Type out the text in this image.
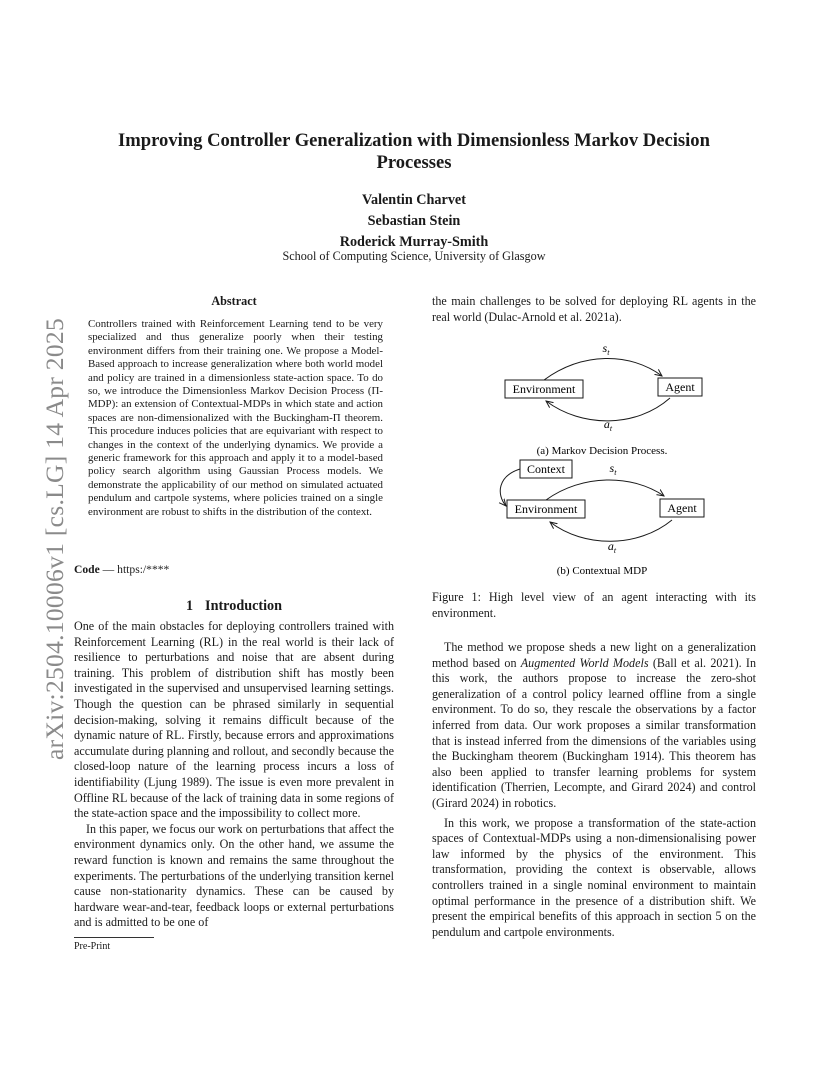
arXiv:2504.10006v1 [cs.LG] 14 Apr 2025
Improving Controller Generalization with Dimensionless Markov Decision Processes
Valentin Charvet
Sebastian Stein
Roderick Murray-Smith
School of Computing Science, University of Glasgow
Abstract
Controllers trained with Reinforcement Learning tend to be very specialized and thus generalize poorly when their testing environment differs from their training one. We propose a Model-Based approach to increase generalization where both world model and policy are trained in a dimensionless state-action space. To do so, we introduce the Dimensionless Markov Decision Process (Π-MDP): an extension of Contextual-MDPs in which state and action spaces are non-dimensionalized with the Buckingham-Π theorem. This procedure induces policies that are equivariant with respect to changes in the context of the underlying dynamics. We provide a generic framework for this approach and apply it to a model-based policy search algorithm using Gaussian Process models. We demonstrate the applicability of our method on simulated actuated pendulum and cartpole systems, where policies trained on a single environment are robust to shifts in the distribution of the context.
Code — https:/****
1 Introduction

One of the main obstacles for deploying controllers trained with Reinforcement Learning (RL) in the real world is their lack of resilience to perturbations and noise that are absent during training. This problem of distribution shift has mostly been investigated in the supervised and unsupervised learning settings. Though the question can be phrased similarly in sequential decision-making, solving it remains difficult because of the dynamic nature of RL. Firstly, because errors and approximations accumulate during planning and rollout, and secondly because the closed-loop nature of the learning process incurs a loss of identifiability (Ljung 1989). The issue is even more prevalent in Offline RL because of the lack of training data in some regions of the state-action space and the impossibility to collect more.

In this paper, we focus our work on perturbations that affect the environment dynamics only. On the other hand, we assume the reward function is known and remains the same throughout the experiments. The perturbations of the underlying transition kernel cause non-stationarity dynamics. These can be caused by hardware wear-and-tear, feedback loops or external perturbations and is admitted to be one of

Pre-Print
the main challenges to be solved for deploying RL agents in the real world (Dulac-Arnold et al. 2021a).
$s_t$
Environment	Agent
$a_t$
(a) Markov Decision Process.
Context	$s_t$
Environment	Agent
$a_t$
(b) Contextual MDP
Figure 1: High level view of an agent interacting with its environment.

The method we propose sheds a new light on a generalization method based on Augmented World Models (Ball et al. 2021). In this work, the authors propose to increase the zero-shot generalization of a control policy learned offline from a single environment. To do so, they rescale the observations by a factor inferred from data. Our work proposes a similar transformation that is instead inferred from the dimensions of the variables using the Buckingham theorem (Buckingham 1914). This theorem has also been applied to transfer learning problems for system identification (Therrien, Lecompte, and Girard 2024) and control (Girard 2024) in robotics.

In this work, we propose a transformation of the state-action spaces of Contextual-MDPs using a non-dimensionalising power law informed by the physics of the environment. This transformation, providing the context is observable, allows controllers trained in a single nominal environment to maintain optimal performance in the presence of a distribution shift. We present the empirical benefits of this approach in section 5 on the pendulum and cartpole environments.
